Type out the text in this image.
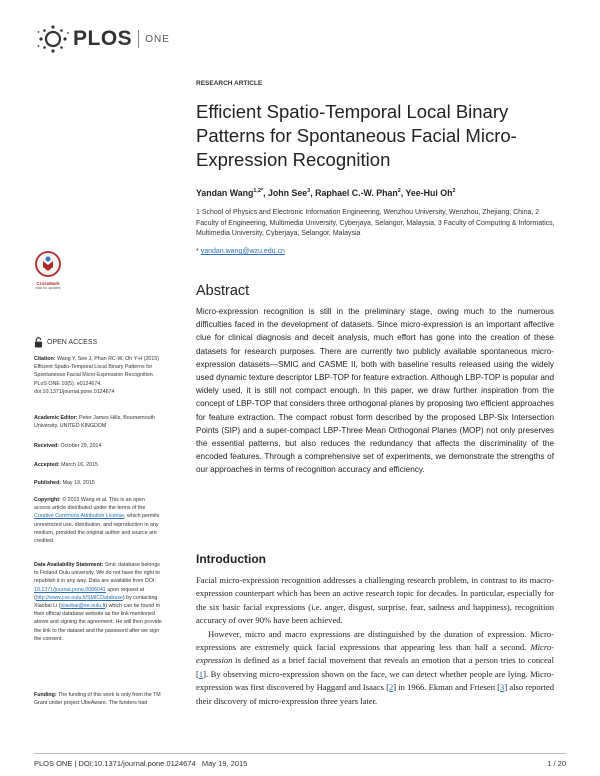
PLOS ONE
RESEARCH ARTICLE
Efficient Spatio-Temporal Local Binary Patterns for Spontaneous Facial Micro-Expression Recognition
Yandan Wang$^{1,2*}$, John See$^3$, Raphael C.-W. Phan$^2$, Yee-Hui Oh$^2$
1 School of Physics and Electronic Information Engineering, Wenzhou University, Wenzhou, Zhejiang, China, 2 Faculty of Engineering, Multimedia University, Cyberjaya, Selangor, Malaysia, 3 Faculty of Computing & Informatics, Multimedia University, Cyberjaya, Selangor, Malaysia
* yandan.wang@wzu.edu.cn
CrossMark
click for updates
OPEN ACCESS

Citation: Wang Y, See J, Phan RC-W, Oh Y-H (2015) Efficient Spatio-Temporal Local Binary Patterns for Spontaneous Facial Micro-Expression Recognition. PLoS ONE 10(5): e0124674. doi:10.1371/journal.pone.0124674

Academic Editor: Peter James Hills, Bournemouth University, UNITED KINGDOM

Received: October 29, 2014

Accepted: March 16, 2015

Published: May 19, 2015

Copyright: © 2015 Wang et al. This is an open access article distributed under the terms of the Creative Commons Attribution License, which permits unrestricted use, distribution, and reproduction in any medium, provided the original author and source are credited.

Data Availability Statement: Smic database belongs to Finland Oulu university. We do not have the right to republish it in any way. Data are available from DOI: 10.1371/journal.pone.0086041 upon request at (http://www.cse.oulu.fi/SMICDatabase) by contacting Xiaobai Li (lxiaobai@ee.oulu.fi) which can be found in their official database website as the link mentioned above and signing the agreement. He will then provide the link to the dataset and the password after we sign the consent.

Funding: The funding of this work is only from the TM Grant under project UbeAware. The funders had

Abstract
Micro-expression recognition is still in the preliminary stage, owing much to the numerous difficulties faced in the development of datasets. Since micro-expression is an important affective clue for clinical diagnosis and deceit analysis, much effort has gone into the creation of these datasets for research purposes. There are currently two publicly available spontaneous micro-expression datasets—SMIC and CASME II, both with baseline results released using the widely used dynamic texture descriptor LBP-TOP for feature extraction. Although LBP-TOP is popular and widely used, it is still not compact enough. In this paper, we draw further inspiration from the concept of LBP-TOP that considers three orthogonal planes by proposing two efficient approaches for feature extraction. The compact robust form described by the proposed LBP-Six Intersection Points (SIP) and a super-compact LBP-Three Mean Orthogonal Planes (MOP) not only preserves the essential patterns, but also reduces the redundancy that affects the discriminality of the encoded features. Through a comprehensive set of experiments, we demonstrate the strengths of our approaches in terms of recognition accuracy and efficiency.
Introduction

Facial micro-expression recognition addresses a challenging research problem, in contrast to its macro-expression counterpart which has been an active research topic for decades. In particular, especially for the six basic facial expressions (i.e. anger, disgust, surprise, fear, sadness and happiness), recognition accuracy of over 90% have been achieved.

However, micro and macro expressions are distinguished by the duration of expression. Micro-expressions are extremely quick facial expressions that appearing less than half a second. Micro-expression is defined as a brief facial movement that reveals an emotion that a person tries to conceal [1]. By observing micro-expression shown on the face, we can detect whether people are lying. Micro-expression was first discovered by Haggard and Isaacs [2] in 1966. Ekman and Friesen [3] also reported their discovery of micro-expression three years later.

PLOS ONE | DOI:10.1371/journal.pone.0124674   May 19, 2015	1 / 20
